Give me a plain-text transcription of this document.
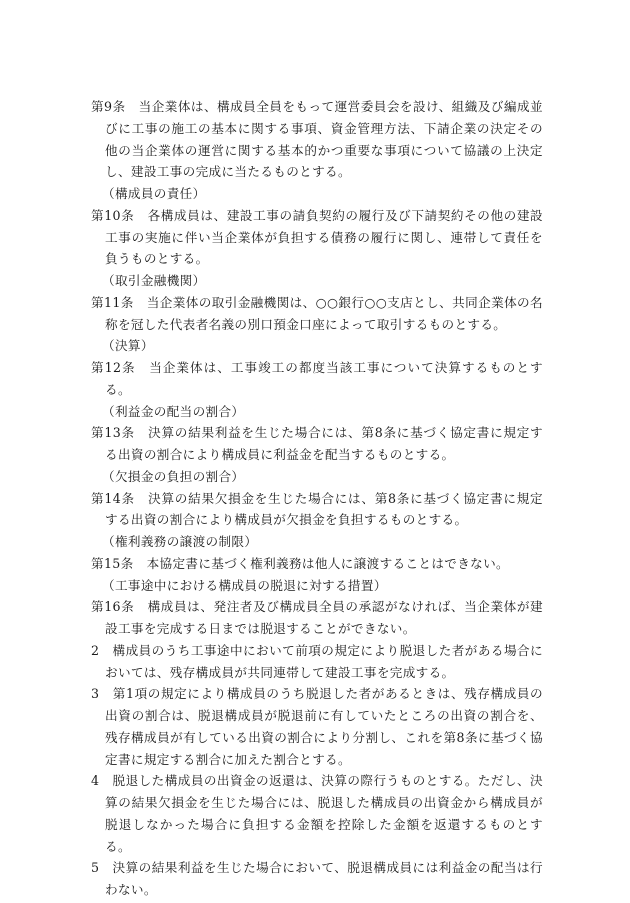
第9条　 当企業体は、構成員全員をもって運営委員会を設け、組織及び編成並びに工事の施工の基本に関する事項、資金管理方法、下請企業の決定その他の当企業体の運営に関する基本的かつ重要な事項について協議の上決定し、建設工事の完成に当たるものとする。

（構成員の責任）

第10条　 各構成員は、建設工事の請負契約の履行及び下請契約その他の建設工事の実施に伴い当企業体が負担する債務の履行に関し、連帯して責任を負うものとする。

（取引金融機関）

第11条　 当企業体の取引金融機関は、○○銀行○○支店とし、共同企業体の名称を冠した代表者名義の別口預金口座によって取引するものとする。

（決算）

第12条　 当企業体は、工事竣工の都度当該工事について決算するものとする。

（利益金の配当の割合）

第13条　 決算の結果利益を生じた場合には、第8条に基づく協定書に規定する出資の割合により構成員に利益金を配当するものとする。

（欠損金の負担の割合）

第14条　 決算の結果欠損金を生じた場合には、第8条に基づく協定書に規定する出資の割合により構成員が欠損金を負担するものとする。

（権利義務の譲渡の制限）

第15条　 本協定書に基づく権利義務は他人に譲渡することはできない。

（工事途中における構成員の脱退に対する措置）

第16条　 構成員は、発注者及び構成員全員の承認がなければ、当企業体が建設工事を完成する日までは脱退することができない。

2　 構成員のうち工事途中において前項の規定により脱退した者がある場合においては、残存構成員が共同連帯して建設工事を完成する。

3　 第1項の規定により構成員のうち脱退した者があるときは、残存構成員の出資の割合は、脱退構成員が脱退前に有していたところの出資の割合を、残存構成員が有している出資の割合により分割し、これを第8条に基づく協定書に規定する割合に加えた割合とする。

4　 脱退した構成員の出資金の返還は、決算の際行うものとする。ただし、決算の結果欠損金を生じた場合には、脱退した構成員の出資金から構成員が脱退しなかった場合に負担する金額を控除した金額を返還するものとする。

5　 決算の結果利益を生じた場合において、脱退構成員には利益金の配当は行わない。
